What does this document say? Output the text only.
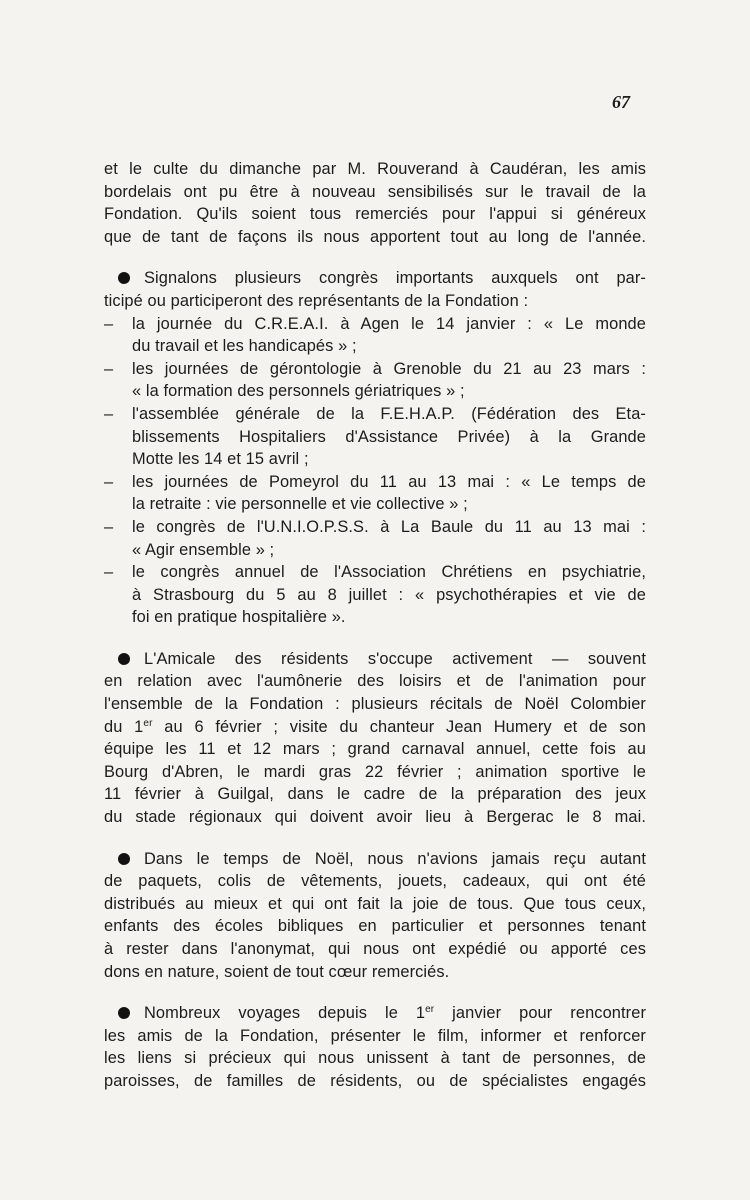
67
et le culte du dimanche par M. Rouverand à Caudéran, les amis
bordelais ont pu être à nouveau sensibilisés sur le travail de la
Fondation. Qu'ils soient tous remerciés pour l'appui si généreux
que de tant de façons ils nous apportent tout au long de l'année.
Signalons plusieurs congrès importants auxquels ont par-
ticipé ou participeront des représentants de la Fondation :
– la journée du C.R.E.A.I. à Agen le 14 janvier : « Le monde
du travail et les handicapés » ;
– les journées de gérontologie à Grenoble du 21 au 23 mars :
« la formation des personnels gériatriques » ;
– l'assemblée générale de la F.E.H.A.P. (Fédération des Eta-
blissements Hospitaliers d'Assistance Privée) à la Grande
Motte les 14 et 15 avril ;
– les journées de Pomeyrol du 11 au 13 mai : « Le temps de
la retraite : vie personnelle et vie collective » ;
– le congrès de l'U.N.I.O.P.S.S. à La Baule du 11 au 13 mai :
« Agir ensemble » ;
– le congrès annuel de l'Association Chrétiens en psychiatrie,
à Strasbourg du 5 au 8 juillet : « psychothérapies et vie de
foi en pratique hospitalière ».
L'Amicale des résidents s'occupe activement — souvent
en relation avec l'aumônerie des loisirs et de l'animation pour
l'ensemble de la Fondation : plusieurs récitals de Noël Colombier
du 1er au 6 février ; visite du chanteur Jean Humery et de son
équipe les 11 et 12 mars ; grand carnaval annuel, cette fois au
Bourg d'Abren, le mardi gras 22 février ; animation sportive le
11 février à Guilgal, dans le cadre de la préparation des jeux
du stade régionaux qui doivent avoir lieu à Bergerac le 8 mai.
Dans le temps de Noël, nous n'avions jamais reçu autant
de paquets, colis de vêtements, jouets, cadeaux, qui ont été
distribués au mieux et qui ont fait la joie de tous. Que tous ceux,
enfants des écoles bibliques en particulier et personnes tenant
à rester dans l'anonymat, qui nous ont expédié ou apporté ces
dons en nature, soient de tout cœur remerciés.
Nombreux voyages depuis le 1er janvier pour rencontrer
les amis de la Fondation, présenter le film, informer et renforcer
les liens si précieux qui nous unissent à tant de personnes, de
paroisses, de familles de résidents, ou de spécialistes engagés
